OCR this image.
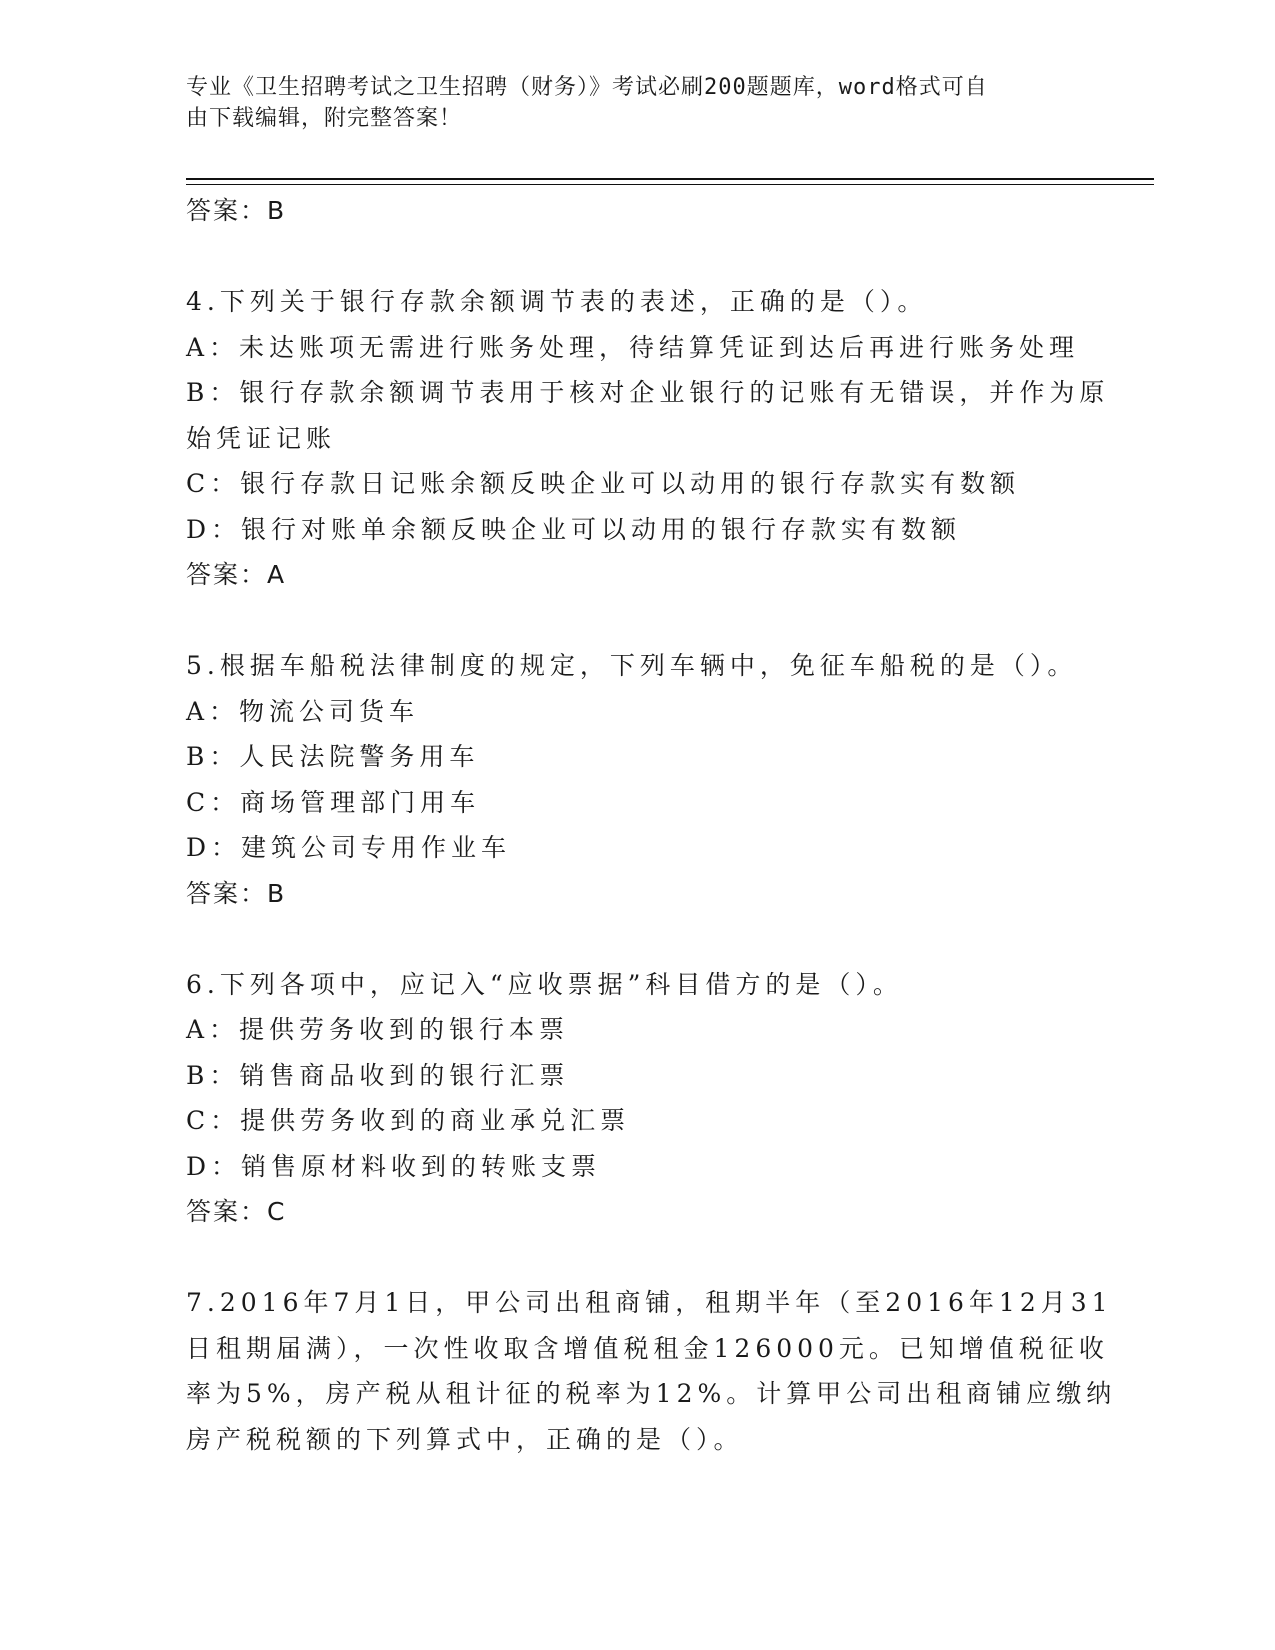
专业《卫生招聘考试之卫生招聘（财务）》考试必刷200题题库，word格式可自
由下载编辑，附完整答案！
答案：B
4.下列关于银行存款余额调节表的表述，正确的是（）。
A：未达账项无需进行账务处理，待结算凭证到达后再进行账务处理
B：银行存款余额调节表用于核对企业银行的记账有无错误，并作为原
始凭证记账
C：银行存款日记账余额反映企业可以动用的银行存款实有数额
D：银行对账单余额反映企业可以动用的银行存款实有数额
答案：A
5.根据车船税法律制度的规定，下列车辆中，免征车船税的是（）。
A：物流公司货车
B：人民法院警务用车
C：商场管理部门用车
D：建筑公司专用作业车
答案：B
6.下列各项中，应记入“应收票据”科目借方的是（）。
A：提供劳务收到的银行本票
B：销售商品收到的银行汇票
C：提供劳务收到的商业承兑汇票
D：销售原材料收到的转账支票
答案：C
7.2016年7月1日，甲公司出租商铺，租期半年（至2016年12月31
日租期届满），一次性收取含增值税租金126000元。已知增值税征收
率为5%，房产税从租计征的税率为12%。计算甲公司出租商铺应缴纳
房产税税额的下列算式中，正确的是（）。
